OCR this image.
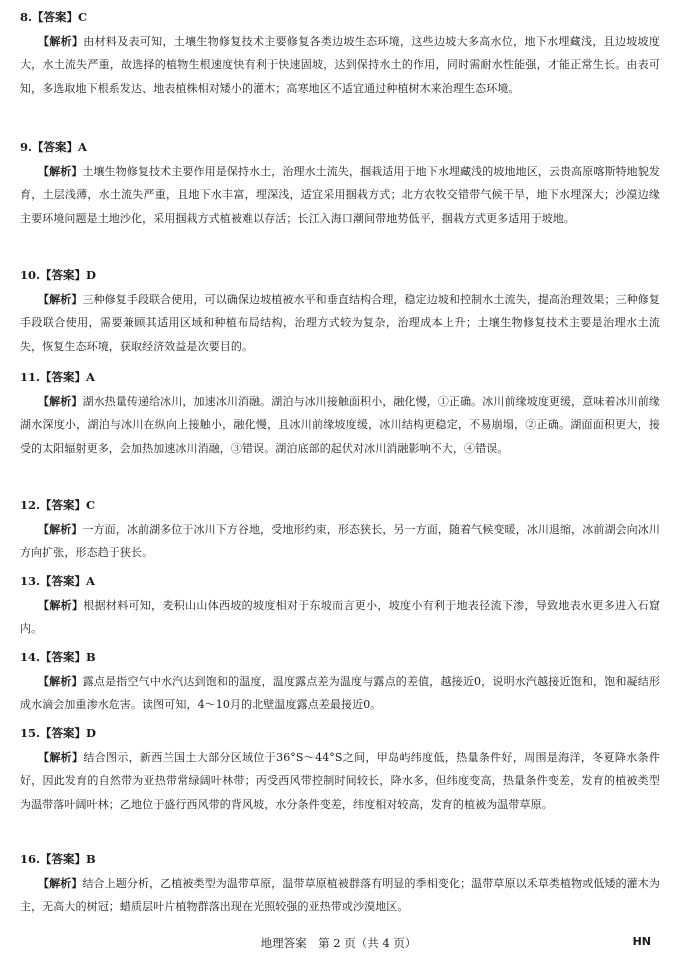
8.【答案】C

【解析】由材料及表可知，土壤生物修复技术主要修复各类边坡生态环境，这些边坡大多高水位，地下水埋藏浅，且边坡坡度大，水土流失严重，故选择的植物生根速度快有利于快速固坡，达到保持水土的作用，同时需耐水性能强，才能正常生长。由表可知，多选取地下根系发达、地表植株相对矮小的灌木；高寒地区不适宜通过种植树木来治理生态环境。

9.【答案】A

【解析】土壤生物修复技术主要作用是保持水土，治理水土流失，掴栽适用于地下水埋藏浅的坡地地区，云贵高原喀斯特地貌发育，土层浅薄，水土流失严重，且地下水丰富，埋深浅，适宜采用掴栽方式；北方农牧交错带气候干旱，地下水埋深大；沙漠边缘主要环境问题是土地沙化，采用掴栽方式植被难以存活；长江入海口潮间带地势低平，掴栽方式更多适用于坡地。

10.【答案】D

【解析】三种修复手段联合使用，可以确保边坡植被水平和垂直结构合理，稳定边坡和控制水土流失，提高治理效果；三种修复手段联合使用，需要兼顾其适用区域和种植布局结构，治理方式较为复杂，治理成本上升；土壤生物修复技术主要是治理水土流失，恢复生态环境，获取经济效益是次要目的。

11.【答案】A

【解析】湖水热量传递给冰川，加速冰川消融。湖泊与冰川接触面积小，融化慢，①正确。冰川前缘坡度更缓，意味着冰川前缘湖水深度小，湖泊与冰川在纵向上接触小，融化慢，且冰川前缘坡度缓，冰川结构更稳定，不易崩塌，②正确。湖面面积更大，接受的太阳辐射更多，会加热加速冰川消融，③错误。湖泊底部的起伏对冰川消融影响不大，④错误。

12.【答案】C

【解析】一方面，冰前湖多位于冰川下方谷地，受地形约束，形态狭长，另一方面，随着气候变暖，冰川退缩，冰前湖会向冰川方向扩张，形态趋于狭长。

13.【答案】A

【解析】根据材料可知，麦积山山体西坡的坡度相对于东坡而言更小，坡度小有利于地表径流下渗，导致地表水更多进入石窟内。

14.【答案】B

【解析】露点是指空气中水汽达到饱和的温度，温度露点差为温度与露点的差值，越接近0，说明水汽越接近饱和，饱和凝结形成水滴会加重渗水危害。读图可知，4～10月的北壁温度露点差最接近0。

15.【答案】D

【解析】结合图示，新西兰国土大部分区域位于36°S～44°S之间，甲岛屿纬度低，热量条件好，周围是海洋，冬夏降水条件好，因此发育的自然带为亚热带常绿阔叶林带；丙受西风带控制时间较长，降水多，但纬度变高，热量条件变差，发育的植被类型为温带落叶阔叶林；乙地位于盛行西风带的背风坡，水分条件变差，纬度相对较高，发育的植被为温带草原。

16.【答案】B

【解析】结合上题分析，乙植被类型为温带草原，温带草原植被群落有明显的季相变化；温带草原以禾草类植物或低矮的灌木为主，无高大的树冠；蜡质层叶片植物群落出现在光照较强的亚热带或沙漠地区。

地理答案　第 2 页（共 4 页）	HN
